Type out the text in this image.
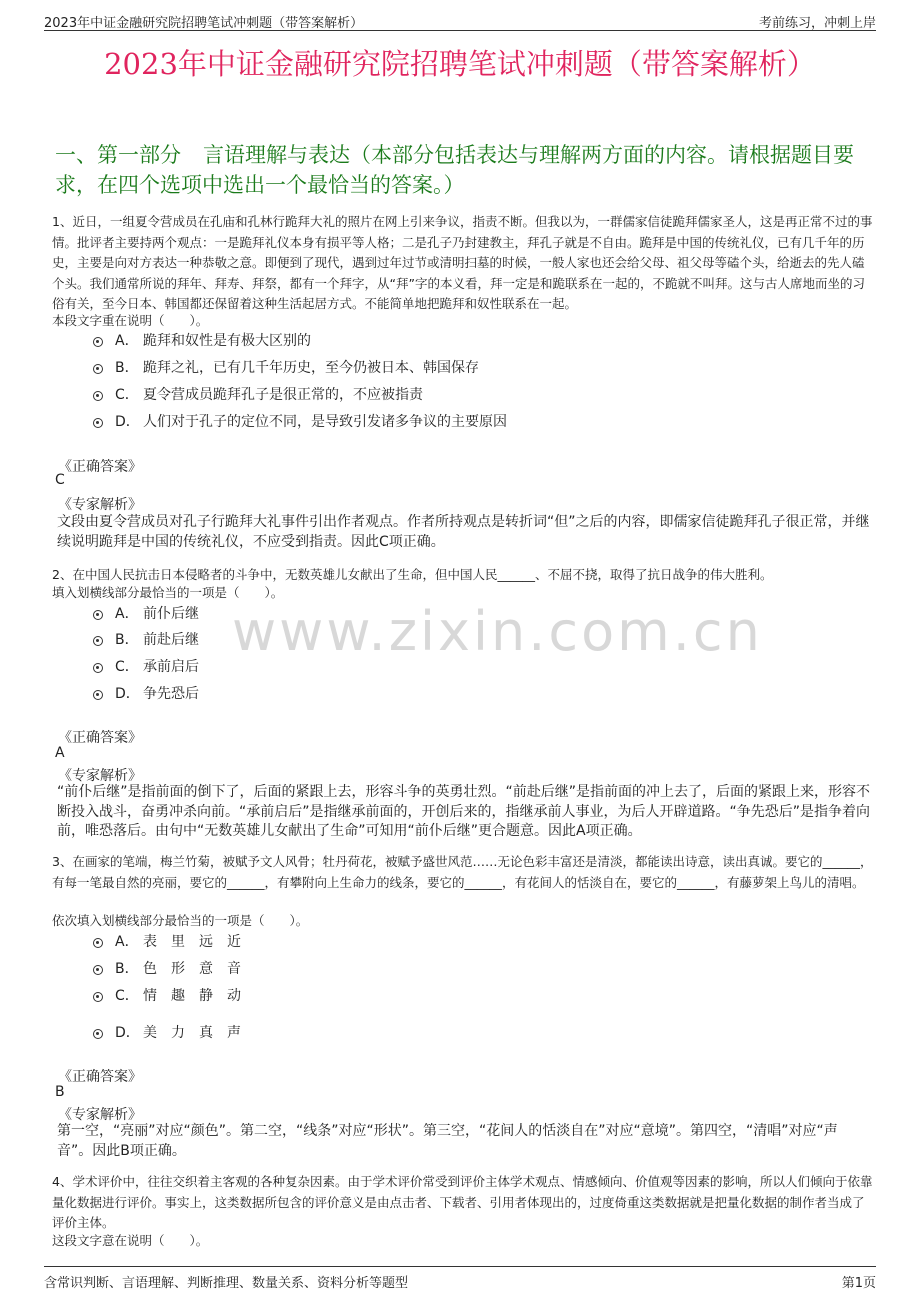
2023年中证金融研究院招聘笔试冲刺题（带答案解析）	考前练习，冲刺上岸
2023年中证金融研究院招聘笔试冲刺题（带答案解析）
一、第一部分 言语理解与表达（本部分包括表达与理解两方面的内容。请根据题目要求，在四个选项中选出一个最恰当的答案。）
1、近日，一组夏令营成员在孔庙和孔林行跪拜大礼的照片在网上引来争议，指责不断。但我以为，一群儒家信徒跪拜儒家圣人，这是再正常不过的事情。批评者主要持两个观点：一是跪拜礼仪本身有损平等人格；二是孔子乃封建教主，拜孔子就是不自由。跪拜是中国的传统礼仪，已有几千年的历史，主要是向对方表达一种恭敬之意。即便到了现代，遇到过年过节或清明扫墓的时候，一般人家也还会给父母、祖父母等磕个头，给逝去的先人磕个头。我们通常所说的拜年、拜寿、拜祭，都有一个拜字，从“拜”字的本义看，拜一定是和跪联系在一起的，不跪就不叫拜。这与古人席地而坐的习俗有关，至今日本、韩国都还保留着这种生活起居方式。不能简单地把跪拜和奴性联系在一起。
本段文字重在说明（　　）。
A． 跪拜和奴性是有极大区别的
B． 跪拜之礼，已有几千年历史，至今仍被日本、韩国保存
C． 夏令营成员跪拜孔子是很正常的，不应被指责
D． 人们对于孔子的定位不同，是导致引发诸多争议的主要原因
《正确答案》
C
《专家解析》
文段由夏令营成员对孔子行跪拜大礼事件引出作者观点。作者所持观点是转折词“但”之后的内容，即儒家信徒跪拜孔子很正常，并继续说明跪拜是中国的传统礼仪，不应受到指责。因此C项正确。
2、在中国人民抗击日本侵略者的斗争中，无数英雄儿女献出了生命，但中国人民______、不屈不挠，取得了抗日战争的伟大胜利。
填入划横线部分最恰当的一项是（　　）。
A． 前仆后继
B． 前赴后继
C． 承前启后
D． 争先恐后
《正确答案》
A
《专家解析》
“前仆后继”是指前面的倒下了，后面的紧跟上去，形容斗争的英勇壮烈。“前赴后继”是指前面的冲上去了，后面的紧跟上来，形容不断投入战斗，奋勇冲杀向前。“承前启后”是指继承前面的，开创后来的，指继承前人事业，为后人开辟道路。“争先恐后”是指争着向前，唯恐落后。由句中“无数英雄儿女献出了生命”可知用“前仆后继”更合题意。因此A项正确。
3、在画家的笔端，梅兰竹菊，被赋予文人风骨；牡丹荷花，被赋予盛世风范……无论色彩丰富还是清淡，都能读出诗意，读出真诚。要它的______，有每一笔最自然的亮丽，要它的______，有攀附向上生命力的线条，要它的______，有花间人的恬淡自在，要它的______，有藤萝架上鸟儿的清唱。
依次填入划横线部分最恰当的一项是（　　）。
A． 表　里　远　近
B． 色　形　意　音
C． 情　趣　静　动
D． 美　力　真　声
《正确答案》
B
《专家解析》
第一空，“亮丽”对应“颜色”。第二空，“线条”对应“形状”。第三空，“花间人的恬淡自在”对应“意境”。第四空，“清唱”对应“声音”。因此B项正确。
4、学术评价中，往往交织着主客观的各种复杂因素。由于学术评价常受到评价主体学术观点、情感倾向、价值观等因素的影响，所以人们倾向于依靠量化数据进行评价。事实上，这类数据所包含的评价意义是由点击者、下载者、引用者体现出的，过度倚重这类数据就是把量化数据的制作者当成了评价主体。
这段文字意在说明（　　）。
www.zixin.com.cn
含常识判断、言语理解、判断推理、数量关系、资料分析等题型	第1页
